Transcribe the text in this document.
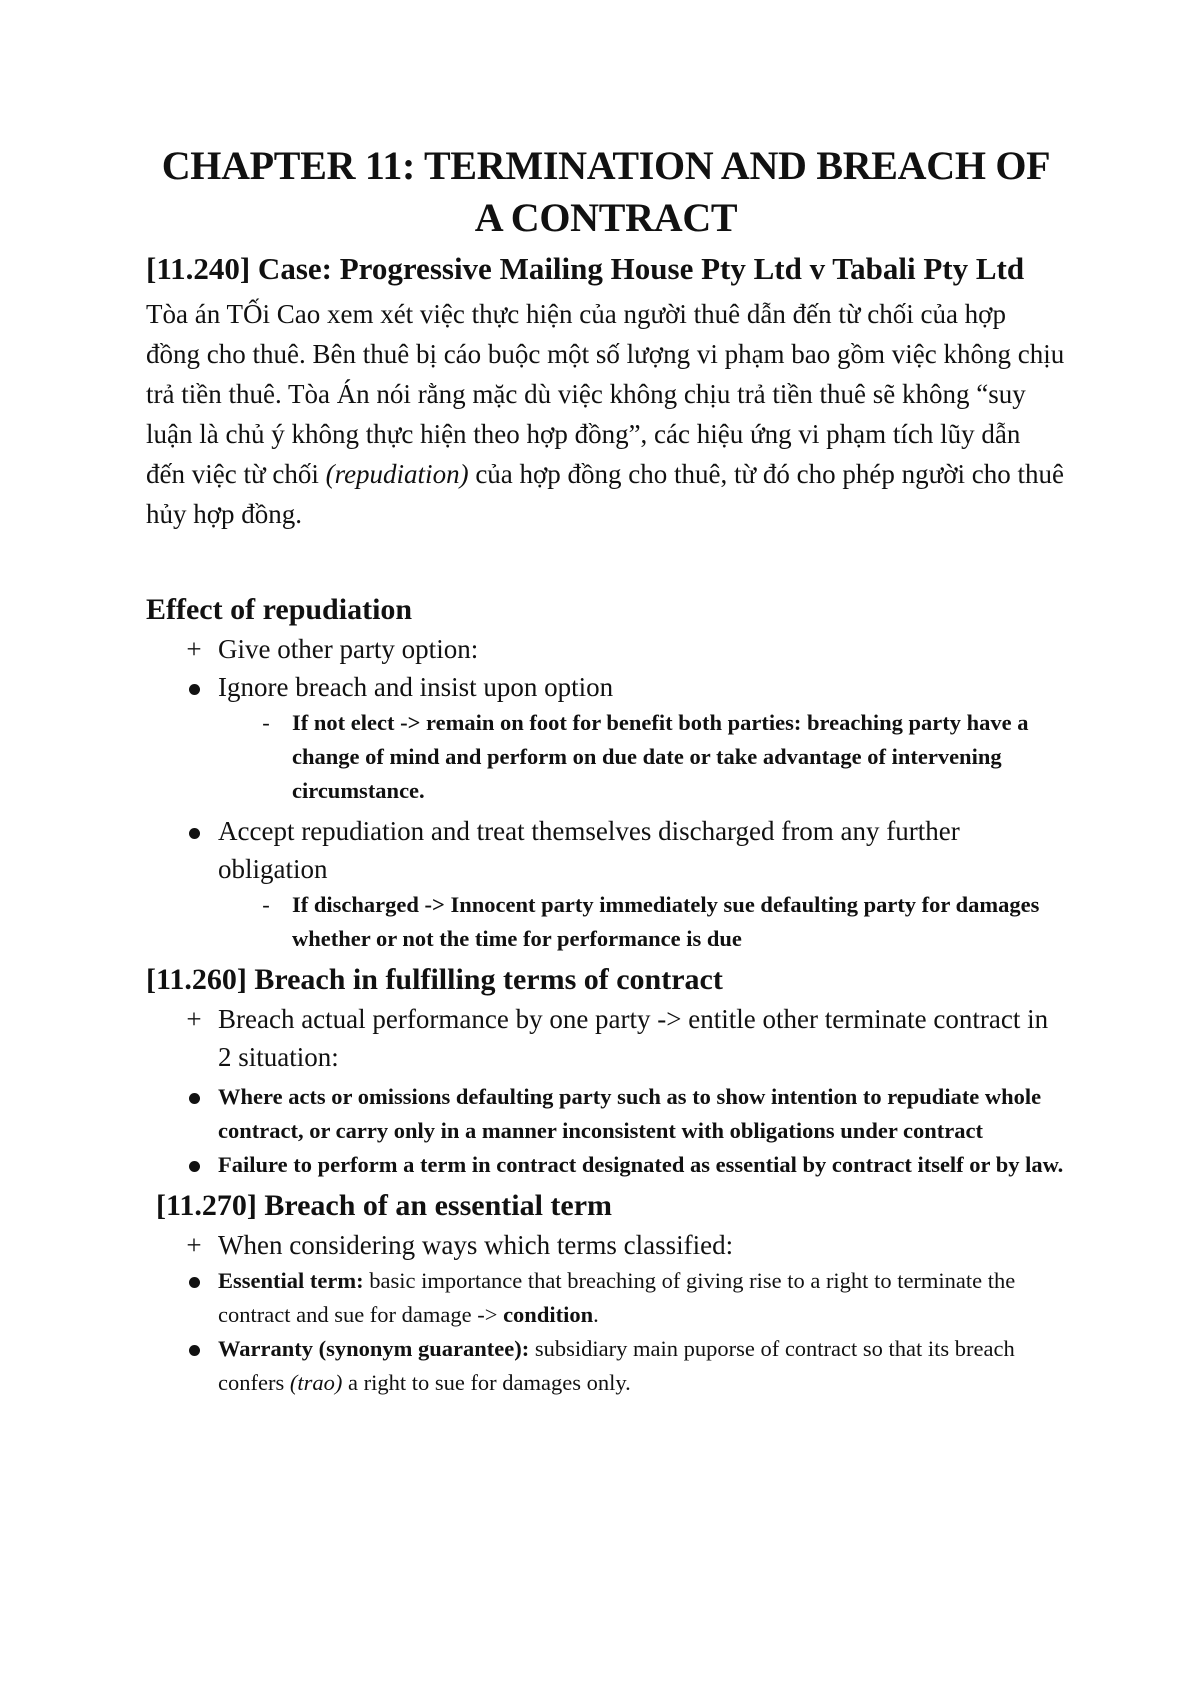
CHAPTER 11: TERMINATION AND BREACH OF A CONTRACT
[11.240] Case: Progressive Mailing House Pty Ltd v Tabali Pty Ltd

Tòa án TỐi Cao xem xét việc thực hiện của người thuê dẫn đến từ chối của hợp đồng cho thuê. Bên thuê bị cáo buộc một số lượng vi phạm bao gồm việc không chịu trả tiền thuê. Tòa Án nói rằng mặc dù việc không chịu trả tiền thuê sẽ không “suy luận là chủ ý không thực hiện theo hợp đồng”, các hiệu ứng vi phạm tích lũy dẫn đến việc từ chối (repudiation) của hợp đồng cho thuê, từ đó cho phép người cho thuê hủy hợp đồng.

Effect of repudiation
+ Give other party option:
Ignore breach and insist upon option
- If not elect -> remain on foot for benefit both parties: breaching party have a change of mind and perform on due date or take advantage of intervening circumstance.
Accept repudiation and treat themselves discharged from any further obligation
- If discharged -> Innocent party immediately sue defaulting party for damages whether or not the time for performance is due
[11.260] Breach in fulfilling terms of contract
+ Breach actual performance by one party -> entitle other terminate contract in 2 situation:
Where acts or omissions defaulting party such as to show intention to repudiate whole contract, or carry only in a manner inconsistent with obligations under contract
Failure to perform a term in contract designated as essential by contract itself or by law.
[11.270] Breach of an essential term
+ When considering ways which terms classified:
Essential term: basic importance that breaching of giving rise to a right to terminate the contract and sue for damage -> condition.
Warranty (synonym guarantee): subsidiary main puporse of contract so that its breach confers (trao) a right to sue for damages only.
